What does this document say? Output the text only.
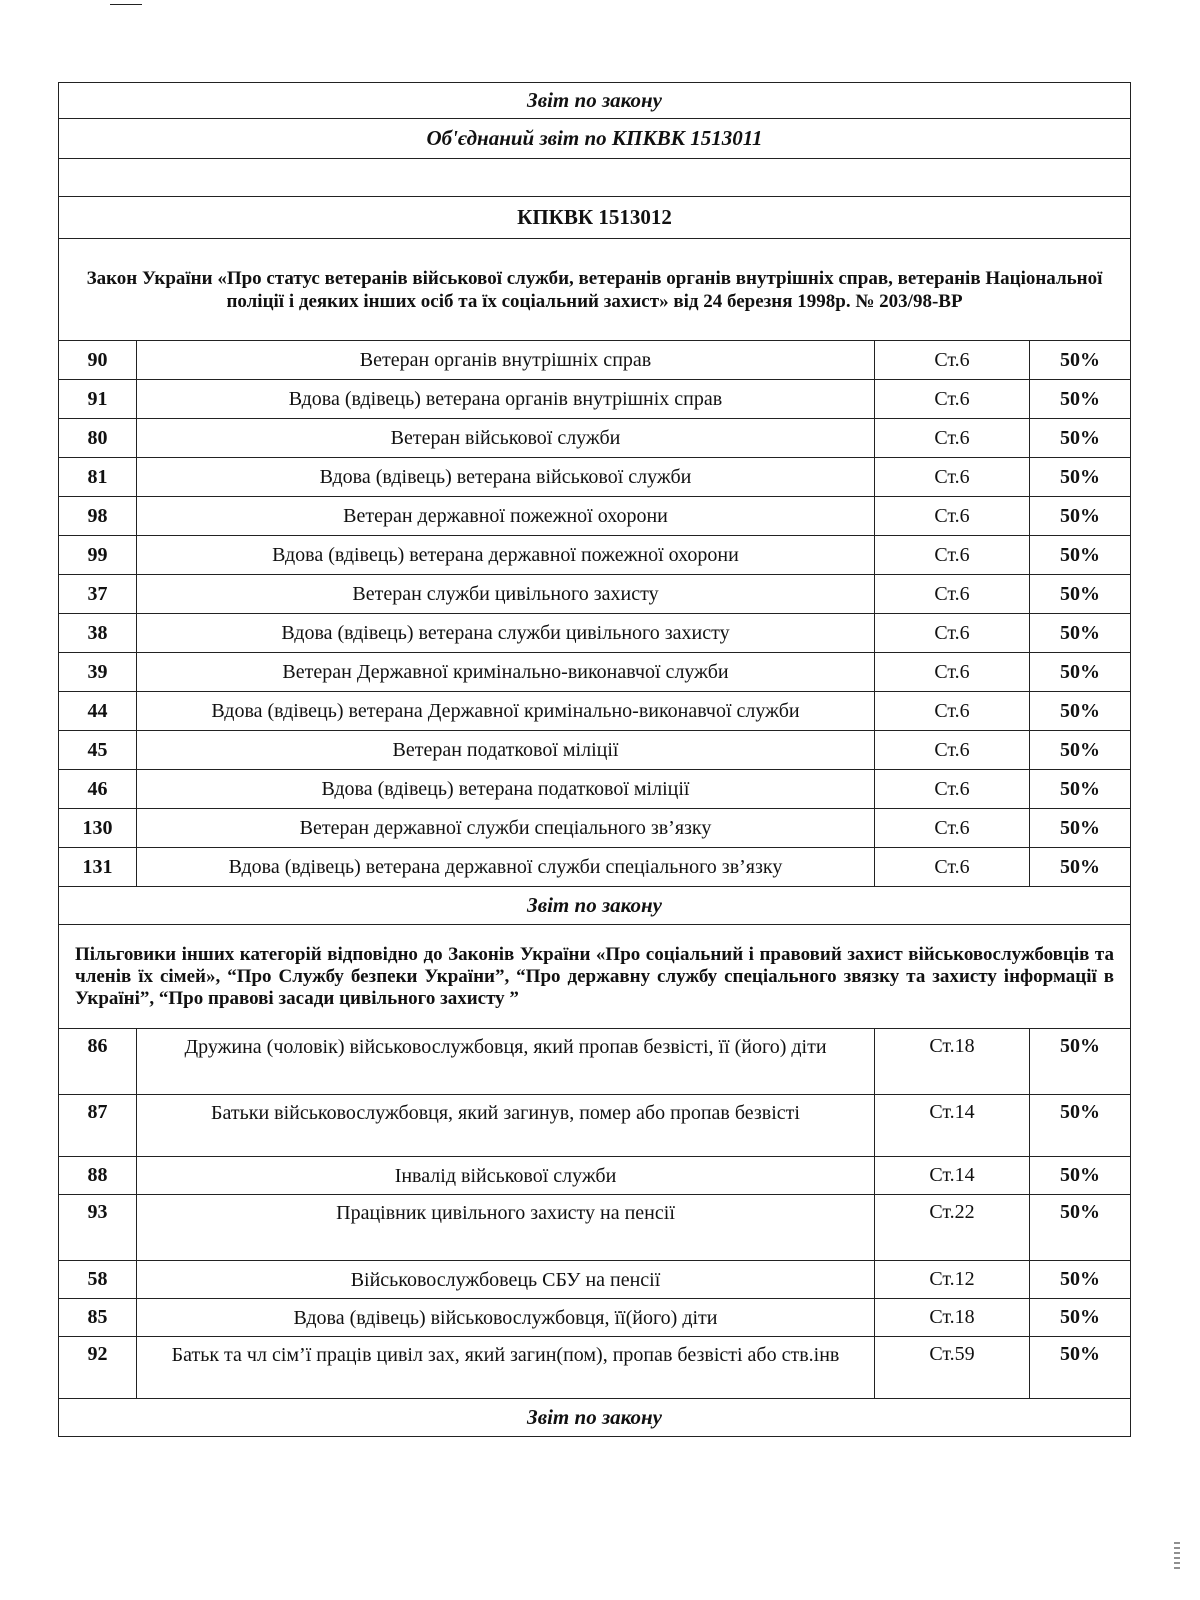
Звіт по закону			
Об'єднаний звіт по КПКВК 1513011			

КПКВК 1513012			
Закон України «Про статус ветеранів військової служби, ветеранів органів внутрішніх справ, ветеранів Національної поліції і деяких інших осіб та їх соціальний захист» від 24 березня 1998р. № 203/98-ВР			
90	Ветеран органів внутрішніх справ	Ст.6	50%
91	Вдова (вдівець) ветерана органів внутрішніх справ	Ст.6	50%
80	Ветеран військової служби	Ст.6	50%
81	Вдова (вдівець) ветерана військової служби	Ст.6	50%
98	Ветеран державної пожежної охорони	Ст.6	50%
99	Вдова (вдівець) ветерана державної пожежної охорони	Ст.6	50%
37	Ветеран служби цивільного захисту	Ст.6	50%
38	Вдова (вдівець) ветерана служби цивільного захисту	Ст.6	50%
39	Ветеран Державної кримінально-виконавчої служби	Ст.6	50%
44	Вдова (вдівець) ветерана Державної кримінально-виконавчої служби	Ст.6	50%
45	Ветеран податкової міліції	Ст.6	50%
46	Вдова (вдівець) ветерана податкової міліції	Ст.6	50%
130	Ветеран державної служби спеціального зв’язку	Ст.6	50%
131	Вдова (вдівець) ветерана державної служби спеціального зв’язку	Ст.6	50%
Звіт по закону			
Пільговики інших категорій відповідно до Законів України «Про соціальний і правовий захист військовослужбовців та членів їх сімей», “Про Службу безпеки України”, “Про державну службу спеціального звязку та захисту інформації в Україні”, “Про правові засади цивільного захисту ”			
86	Дружина (чоловік) військовослужбовця, який пропав безвісті, її (його) діти	Ст.18	50%
87	Батьки військовослужбовця, який загинув, помер або пропав безвісті	Ст.14	50%
88	Інвалід військової служби	Ст.14	50%
93	Працівник цивільного захисту на пенсії	Ст.22	50%
58	Військовослужбовець СБУ на пенсії	Ст.12	50%
85	Вдова (вдівець) військовослужбовця, її(його) діти	Ст.18	50%
92	Батьк та чл сім’ї праців цивіл зах, який загин(пом), пропав безвісті або ств.інв	Ст.59	50%
Звіт по закону			
